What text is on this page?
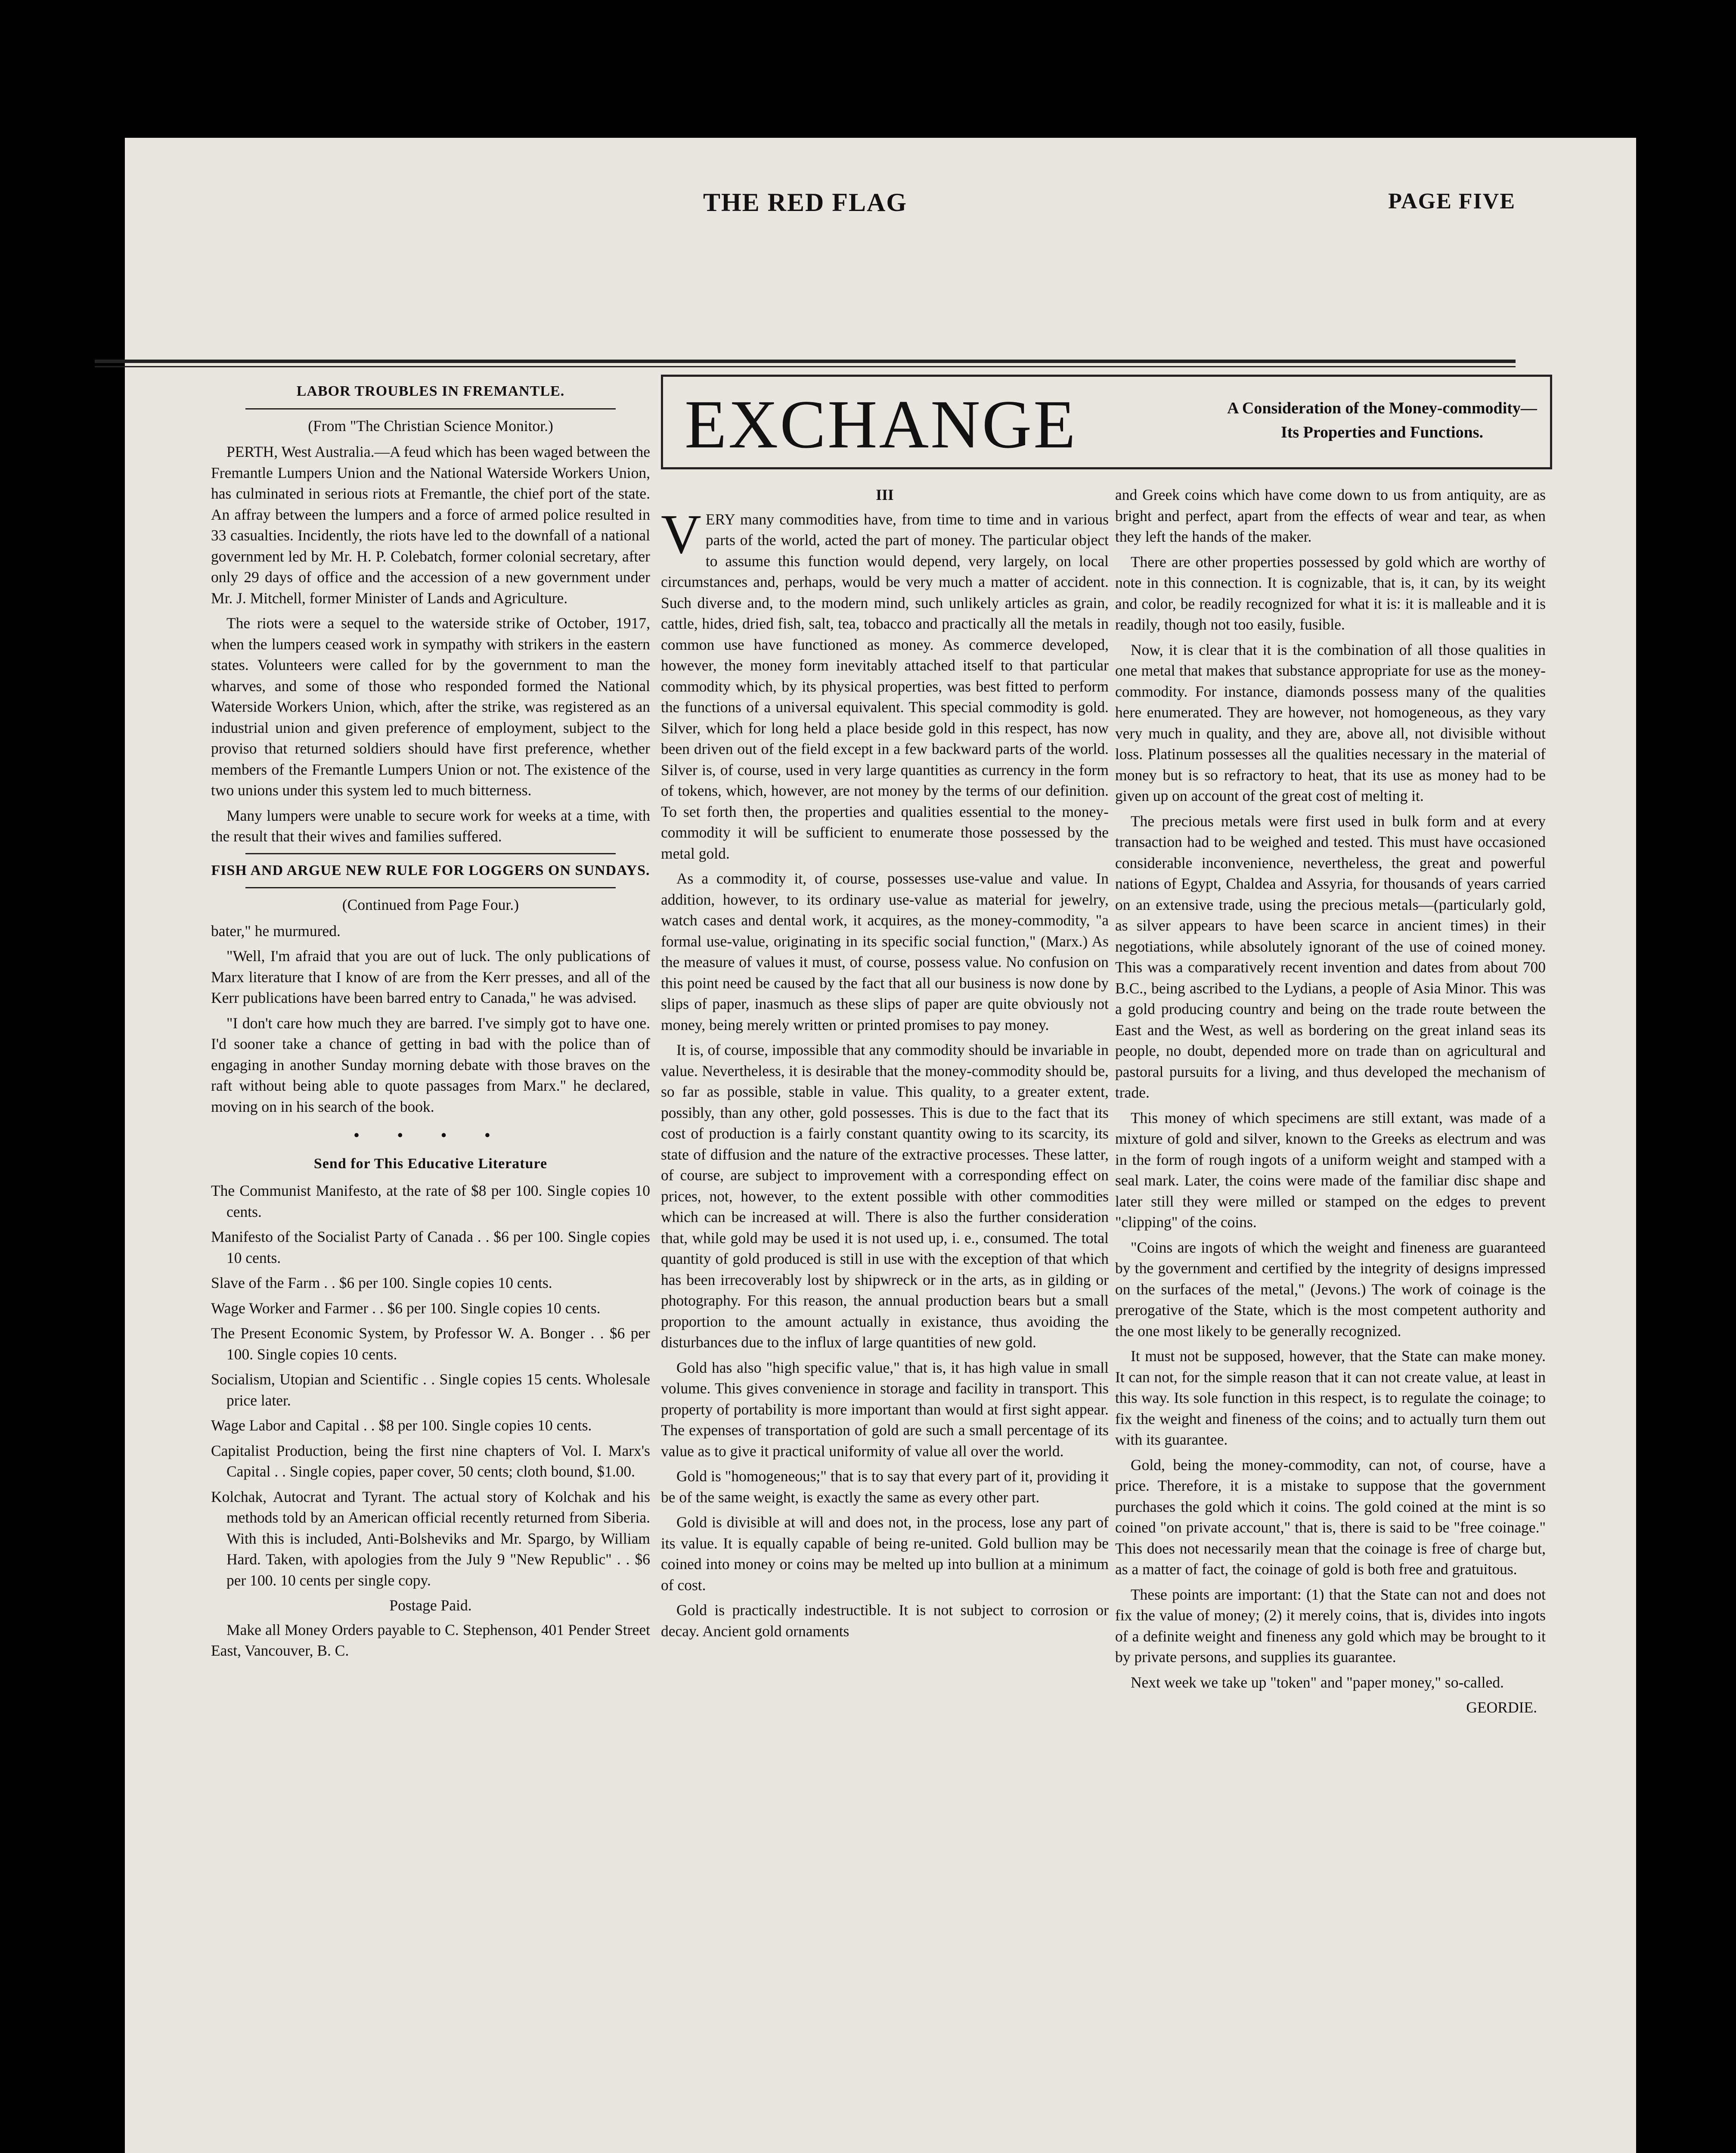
THE RED FLAG	PAGE FIVE
LABOR TROUBLES IN FREMANTLE.
(From "The Christian Science Monitor.)

PERTH, West Australia.—A feud which has been waged between the Fremantle Lumpers Union and the National Waterside Workers Union, has culminated in serious riots at Fremantle, the chief port of the state. An affray between the lumpers and a force of armed police resulted in 33 casualties. Incidently, the riots have led to the downfall of a national government led by Mr. H. P. Colebatch, former colonial secretary, after only 29 days of office and the accession of a new government under Mr. J. Mitchell, former Minister of Lands and Agriculture.

The riots were a sequel to the waterside strike of October, 1917, when the lumpers ceased work in sympathy with strikers in the eastern states. Volunteers were called for by the government to man the wharves, and some of those who responded formed the National Waterside Workers Union, which, after the strike, was registered as an industrial union and given preference of employment, subject to the proviso that returned soldiers should have first preference, whether members of the Fremantle Lumpers Union or not. The existence of the two unions under this system led to much bitterness.

Many lumpers were unable to secure work for weeks at a time, with the result that their wives and families suffered.

FISH AND ARGUE NEW RULE FOR LOGGERS ON SUNDAYS.
(Continued from Page Four.)

bater," he murmured.

"Well, I'm afraid that you are out of luck. The only publications of Marx literature that I know of are from the Kerr presses, and all of the Kerr publications have been barred entry to Canada," he was advised.

"I don't care how much they are barred. I've simply got to have one. I'd sooner take a chance of getting in bad with the police than of engaging in another Sunday morning debate with those braves on the raft without being able to quote passages from Marx." he declared, moving on in his search of the book.

• • • •
Send for This Educative Literature

The Communist Manifesto, at the rate of $8 per 100. Single copies 10 cents.

Manifesto of the Socialist Party of Canada . . $6 per 100. Single copies 10 cents.

Slave of the Farm . . $6 per 100. Single copies 10 cents.

Wage Worker and Farmer . . $6 per 100. Single copies 10 cents.

The Present Economic System, by Professor W. A. Bonger . . $6 per 100. Single copies 10 cents.

Socialism, Utopian and Scientific . . Single copies 15 cents. Wholesale price later.

Wage Labor and Capital . . $8 per 100. Single copies 10 cents.

Capitalist Production, being the first nine chapters of Vol. I. Marx's Capital . . Single copies, paper cover, 50 cents; cloth bound, $1.00.

Kolchak, Autocrat and Tyrant. The actual story of Kolchak and his methods told by an American official recently returned from Siberia. With this is included, Anti-Bolsheviks and Mr. Spargo, by William Hard. Taken, with apologies from the July 9 "New Republic" . . $6 per 100. 10 cents per single copy.

Postage Paid.

Make all Money Orders payable to C. Stephenson, 401 Pender Street East, Vancouver, B. C.

EXCHANGE	A Consideration of the Money-commodity—Its Properties and Functions.
III

VERY many commodities have, from time to time and in various parts of the world, acted the part of money. The particular object to assume this function would depend, very largely, on local circumstances and, perhaps, would be very much a matter of accident. Such diverse and, to the modern mind, such unlikely articles as grain, cattle, hides, dried fish, salt, tea, tobacco and practically all the metals in common use have functioned as money. As commerce developed, however, the money form inevitably attached itself to that particular commodity which, by its physical properties, was best fitted to perform the functions of a universal equivalent. This special commodity is gold. Silver, which for long held a place beside gold in this respect, has now been driven out of the field except in a few backward parts of the world. Silver is, of course, used in very large quantities as currency in the form of tokens, which, however, are not money by the terms of our definition. To set forth then, the properties and qualities essential to the money-commodity it will be sufficient to enumerate those possessed by the metal gold.

As a commodity it, of course, possesses use-value and value. In addition, however, to its ordinary use-value as material for jewelry, watch cases and dental work, it acquires, as the money-commodity, "a formal use-value, originating in its specific social function," (Marx.) As the measure of values it must, of course, possess value. No confusion on this point need be caused by the fact that all our business is now done by slips of paper, inasmuch as these slips of paper are quite obviously not money, being merely written or printed promises to pay money.

It is, of course, impossible that any commodity should be invariable in value. Nevertheless, it is desirable that the money-commodity should be, so far as possible, stable in value. This quality, to a greater extent, possibly, than any other, gold possesses. This is due to the fact that its cost of production is a fairly constant quantity owing to its scarcity, its state of diffusion and the nature of the extractive processes. These latter, of course, are subject to improvement with a corresponding effect on prices, not, however, to the extent possible with other commodities which can be increased at will. There is also the further consideration that, while gold may be used it is not used up, i. e., consumed. The total quantity of gold produced is still in use with the exception of that which has been irrecoverably lost by shipwreck or in the arts, as in gilding or photography. For this reason, the annual production bears but a small proportion to the amount actually in existance, thus avoiding the disturbances due to the influx of large quantities of new gold.

Gold has also "high specific value," that is, it has high value in small volume. This gives convenience in storage and facility in transport. This property of portability is more important than would at first sight appear. The expenses of transportation of gold are such a small percentage of its value as to give it practical uniformity of value all over the world.

Gold is "homogeneous;" that is to say that every part of it, providing it be of the same weight, is exactly the same as every other part.

Gold is divisible at will and does not, in the process, lose any part of its value. It is equally capable of being re-united. Gold bullion may be coined into money or coins may be melted up into bullion at a minimum of cost.

Gold is practically indestructible. It is not subject to corrosion or decay. Ancient gold ornaments

and Greek coins which have come down to us from antiquity, are as bright and perfect, apart from the effects of wear and tear, as when they left the hands of the maker.

There are other properties possessed by gold which are worthy of note in this connection. It is cognizable, that is, it can, by its weight and color, be readily recognized for what it is: it is malleable and it is readily, though not too easily, fusible.

Now, it is clear that it is the combination of all those qualities in one metal that makes that substance appropriate for use as the money-commodity. For instance, diamonds possess many of the qualities here enumerated. They are however, not homogeneous, as they vary very much in quality, and they are, above all, not divisible without loss. Platinum possesses all the qualities necessary in the material of money but is so refractory to heat, that its use as money had to be given up on account of the great cost of melting it.

The precious metals were first used in bulk form and at every transaction had to be weighed and tested. This must have occasioned considerable inconvenience, nevertheless, the great and powerful nations of Egypt, Chaldea and Assyria, for thousands of years carried on an extensive trade, using the precious metals—(particularly gold, as silver appears to have been scarce in ancient times) in their negotiations, while absolutely ignorant of the use of coined money. This was a comparatively recent invention and dates from about 700 B.C., being ascribed to the Lydians, a people of Asia Minor. This was a gold producing country and being on the trade route between the East and the West, as well as bordering on the great inland seas its people, no doubt, depended more on trade than on agricultural and pastoral pursuits for a living, and thus developed the mechanism of trade.

This money of which specimens are still extant, was made of a mixture of gold and silver, known to the Greeks as electrum and was in the form of rough ingots of a uniform weight and stamped with a seal mark. Later, the coins were made of the familiar disc shape and later still they were milled or stamped on the edges to prevent "clipping" of the coins.

"Coins are ingots of which the weight and fineness are guaranteed by the government and certified by the integrity of designs impressed on the surfaces of the metal," (Jevons.) The work of coinage is the prerogative of the State, which is the most competent authority and the one most likely to be generally recognized.

It must not be supposed, however, that the State can make money. It can not, for the simple reason that it can not create value, at least in this way. Its sole function in this respect, is to regulate the coinage; to fix the weight and fineness of the coins; and to actually turn them out with its guarantee.

Gold, being the money-commodity, can not, of course, have a price. Therefore, it is a mistake to suppose that the government purchases the gold which it coins. The gold coined at the mint is so coined "on private account," that is, there is said to be "free coinage." This does not necessarily mean that the coinage is free of charge but, as a matter of fact, the coinage of gold is both free and gratuitous.

These points are important: (1) that the State can not and does not fix the value of money; (2) it merely coins, that is, divides into ingots of a definite weight and fineness any gold which may be brought to it by private persons, and supplies its guarantee.

Next week we take up "token" and "paper money," so-called.

GEORDIE.
